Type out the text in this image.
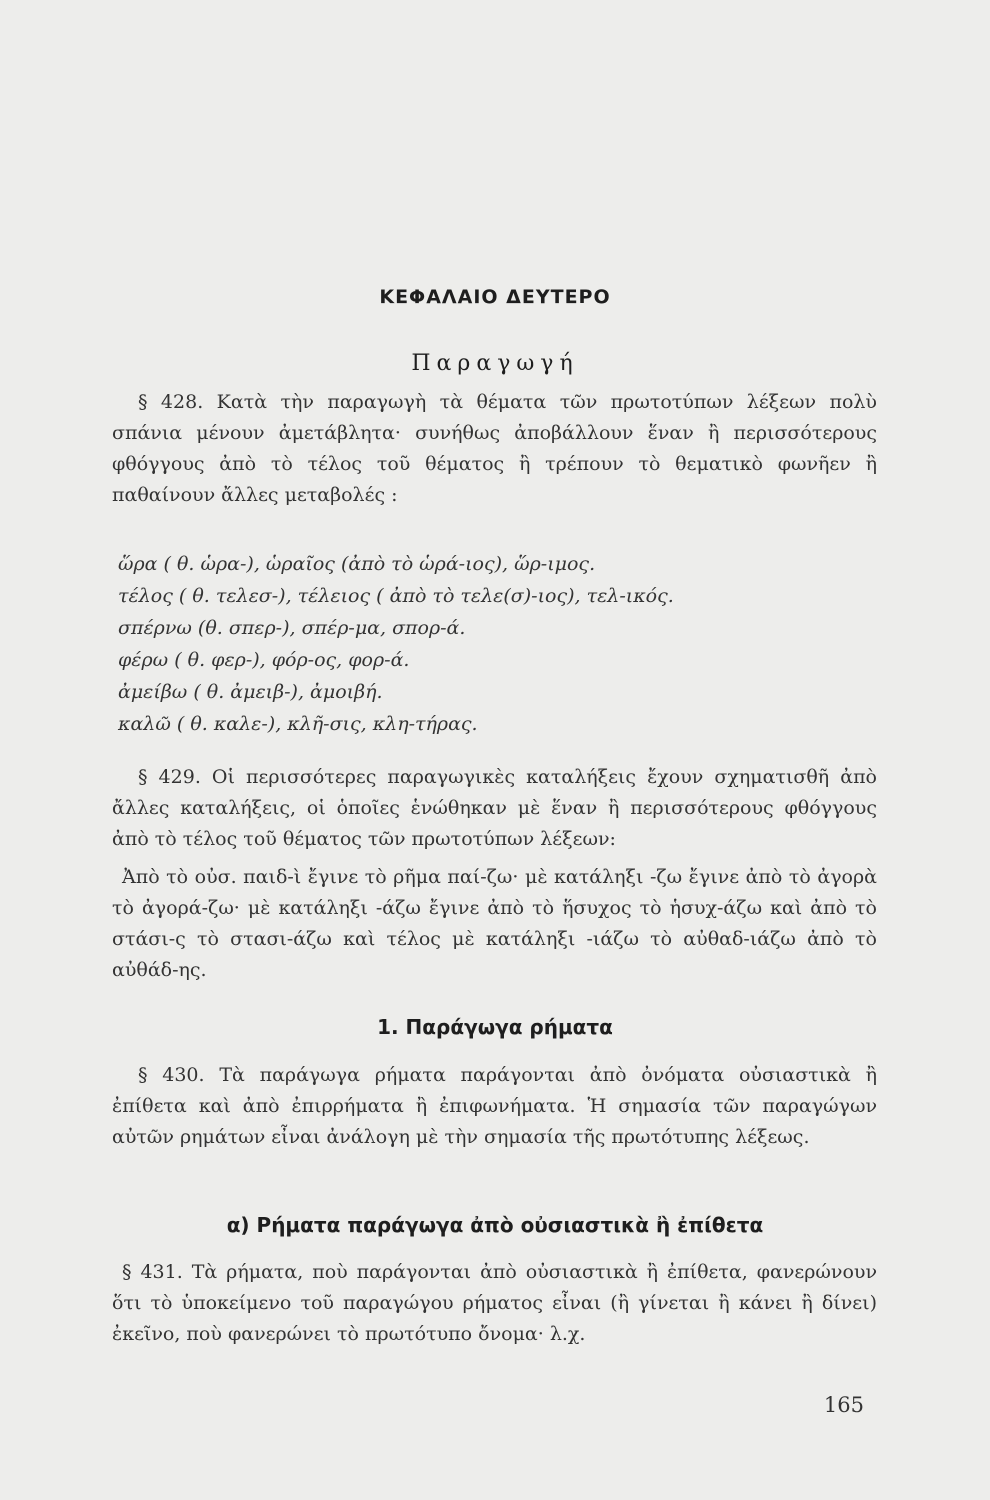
ΚΕΦΑΛΑΙΟ ΔΕΥΤΕΡΟ
Παραγωγή

§ 428. Κατὰ τὴν παραγωγὴ τὰ θέματα τῶν πρωτοτύπων λέξεων πολὺ σπάνια μένουν ἀμετάβλητα· συνήθως ἀποβάλλουν ἕναν ἢ περισσότερους φθόγγους ἀπὸ τὸ τέλος τοῦ θέματος ἢ τρέπουν τὸ θεματικὸ φωνῆεν ἢ παθαίνουν ἄλλες μεταβολές :

ὥρα ( θ. ὡρα-), ὡραῖος (ἀπὸ τὸ ὡρά-ιος), ὥρ-ιμος.
τέλος ( θ. τελεσ-), τέλειος ( ἀπὸ τὸ τελε(σ)-ιος), τελ-ικός.
σπέρνω (θ. σπερ-), σπέρ-μα, σπορ-ά.
φέρω ( θ. φερ-), φόρ-ος, φορ-ά.
ἀμείβω ( θ. ἀμειβ-), ἀμοιβή.
καλῶ ( θ. καλε-), κλῆ-σις, κλη-τήρας.

§ 429. Οἱ περισσότερες παραγωγικὲς καταλήξεις ἔχουν σχηματισθῆ ἀπὸ ἄλλες καταλήξεις, οἱ ὁποῖες ἑνώθηκαν μὲ ἕναν ἢ περισσότερους φθόγγους ἀπὸ τὸ τέλος τοῦ θέματος τῶν πρωτοτύπων λέξεων:

Ἀπὸ τὸ οὐσ. παιδ-ὶ ἔγινε τὸ ρῆμα παί-ζω· μὲ κατάληξι -ζω ἔγινε ἀπὸ τὸ ἀγορὰ τὸ ἀγορά-ζω· μὲ κατάληξι -άζω ἔγινε ἀπὸ τὸ ἥσυχος τὸ ἡσυχ-άζω καὶ ἀπὸ τὸ στάσι-ς τὸ στασι-άζω καὶ τέλος μὲ κατάληξι -ιάζω τὸ αὐθαδ-ιάζω ἀπὸ τὸ αὐθάδ-ης.

1. Παράγωγα ρήματα

§ 430. Τὰ παράγωγα ρήματα παράγονται ἀπὸ ὀνόματα οὐσιαστικὰ ἢ ἐπίθετα καὶ ἀπὸ ἐπιρρήματα ἢ ἐπιφωνήματα. Ἡ σημασία τῶν παραγώγων αὐτῶν ρημάτων εἶναι ἀνάλογη μὲ τὴν σημασία τῆς πρωτότυπης λέξεως.

α) Ρήματα παράγωγα ἀπὸ οὐσιαστικὰ ἢ ἐπίθετα

§ 431. Τὰ ρήματα, ποὺ παράγονται ἀπὸ οὐσιαστικὰ ἢ ἐπίθετα, φανερώνουν ὅτι τὸ ὑποκείμενο τοῦ παραγώγου ρήματος εἶναι (ἢ γίνεται ἢ κάνει ἢ δίνει) ἐκεῖνο, ποὺ φανερώνει τὸ πρωτότυπο ὄνομα· λ.χ.

165
